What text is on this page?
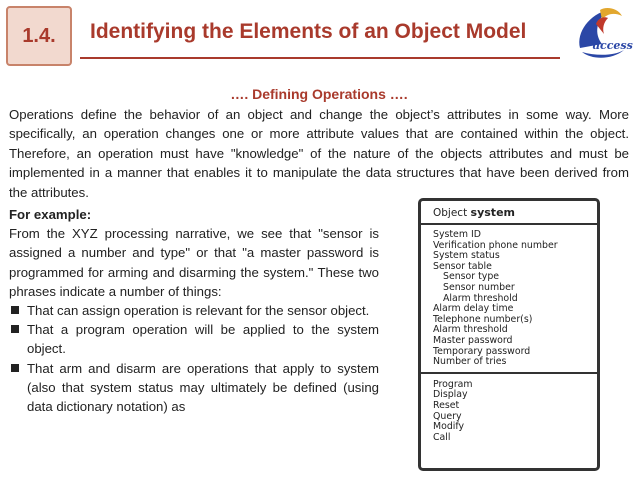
1.4. Identifying the Elements of an Object Model
uccess
…. Defining Operations ….
Operations define the behavior of an object and change the object’s attributes in some way. More specifically, an operation changes one or more attribute values that are contained within the object. Therefore, an operation must have "knowledge" of the nature of the objects attributes and must be implemented in a manner that enables it to manipulate the data structures that have been derived from the attributes.
For example:
From the XYZ processing narrative, we see that "sensor is assigned a number and type" or that "a master password is programmed for arming and disarming the system." These two phrases indicate a number of things:
That can assign operation is relevant for the sensor object.
That a program operation will be applied to the system object.
That arm and disarm are operations that apply to system (also that system status may ultimately be defined (using data dictionary notation) as
Object system
System ID
Verification phone number
System status
Sensor table
Sensor type
Sensor number
Alarm threshold
Alarm delay time
Telephone number(s)
Alarm threshold
Master password
Temporary password
Number of tries
Program
Display
Reset
Query
Modify
Call
